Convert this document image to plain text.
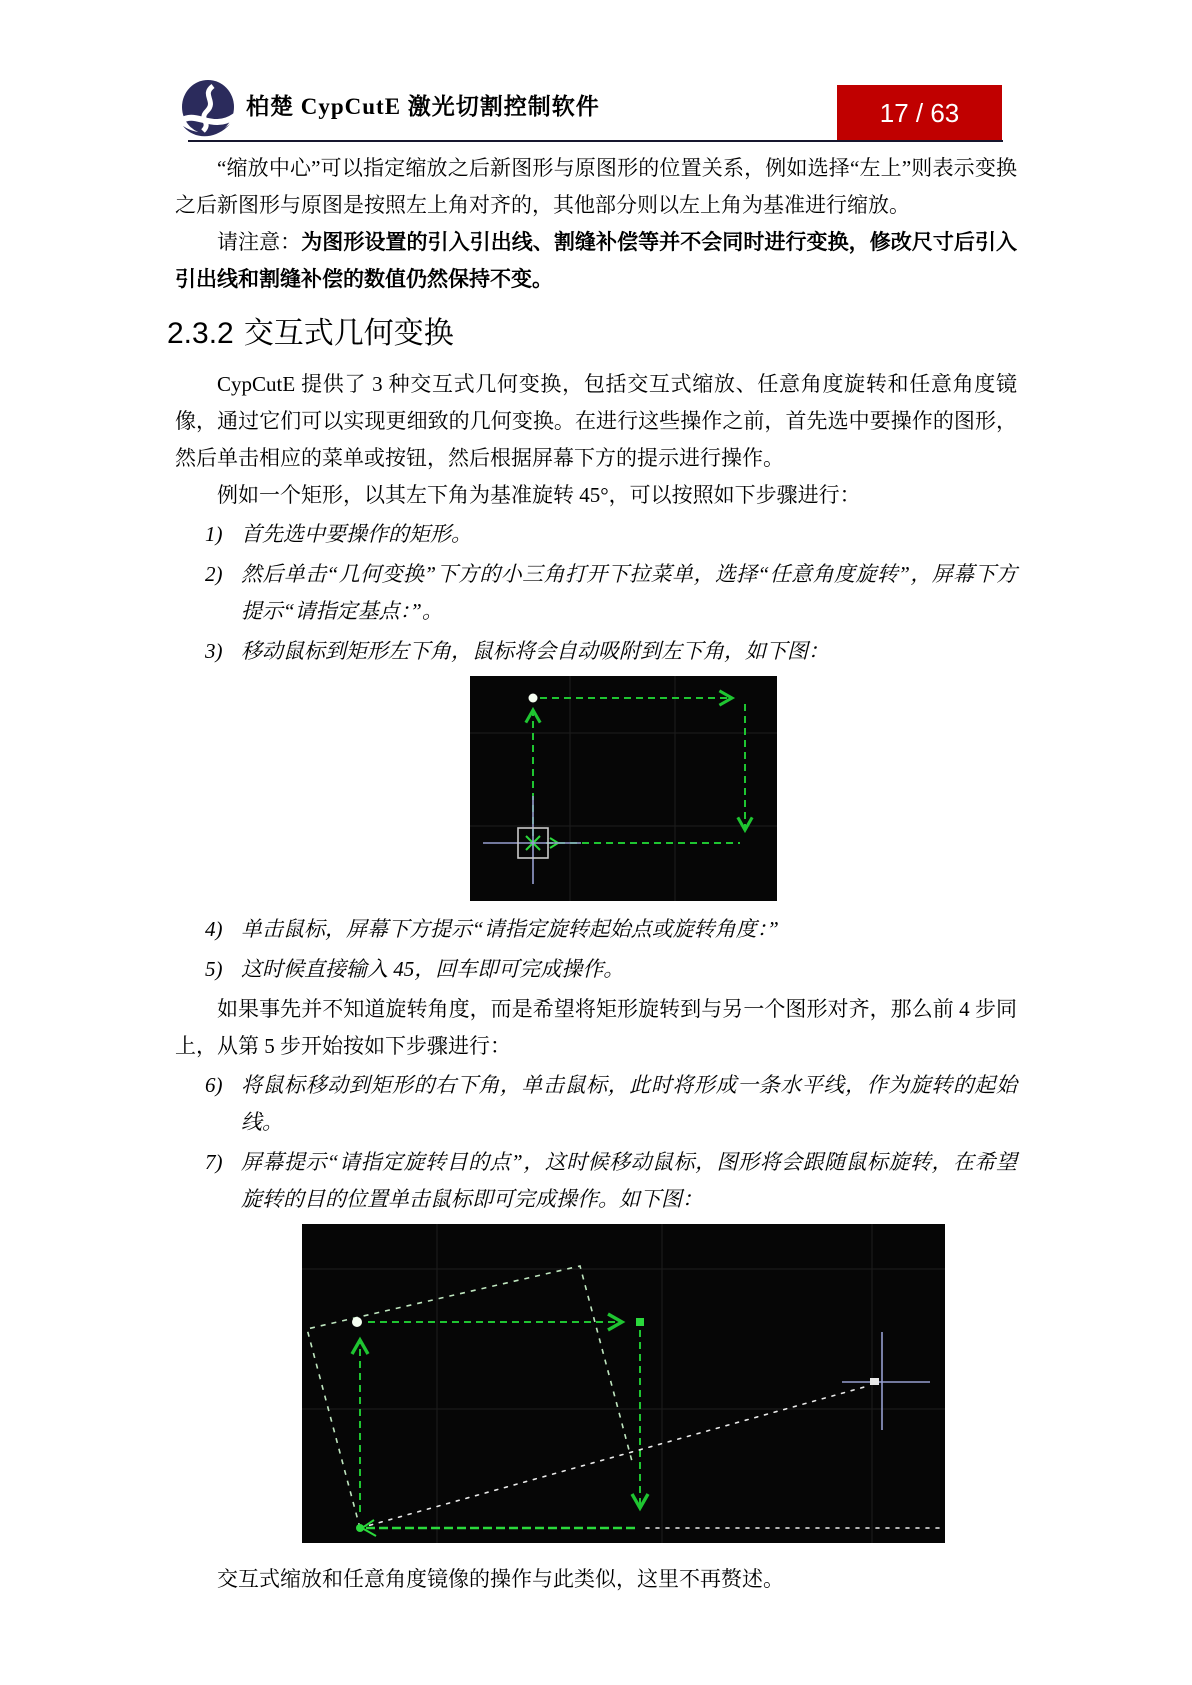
柏楚 CypCutE 激光切割控制软件	17 / 63

“缩放中心”可以指定缩放之后新图形与原图形的位置关系，例如选择“左上”则表示变换之后新图形与原图是按照左上角对齐的，其他部分则以左上角为基准进行缩放。

请注意：为图形设置的引入引出线、割缝补偿等并不会同时进行变换，修改尺寸后引入引出线和割缝补偿的数值仍然保持不变。

2.3.2 交互式几何变换

CypCutE 提供了 3 种交互式几何变换，包括交互式缩放、任意角度旋转和任意角度镜像，通过它们可以实现更细致的几何变换。在进行这些操作之前，首先选中要操作的图形，然后单击相应的菜单或按钮，然后根据屏幕下方的提示进行操作。

例如一个矩形，以其左下角为基准旋转 45°，可以按照如下步骤进行：

1) 首先选中要操作的矩形。
2) 然后单击“几何变换”下方的小三角打开下拉菜单，选择“任意角度旋转”，屏幕下方提示“请指定基点：”。
3) 移动鼠标到矩形左下角，鼠标将会自动吸附到左下角，如下图：
4) 单击鼠标，屏幕下方提示“请指定旋转起始点或旋转角度：”
5) 这时候直接输入 45，回车即可完成操作。

如果事先并不知道旋转角度，而是希望将矩形旋转到与另一个图形对齐，那么前 4 步同上，从第 5 步开始按如下步骤进行：

6) 将鼠标移动到矩形的右下角，单击鼠标，此时将形成一条水平线，作为旋转的起始线。
7) 屏幕提示“请指定旋转目的点”，这时候移动鼠标，图形将会跟随鼠标旋转，在希望旋转的目的位置单击鼠标即可完成操作。如下图：

交互式缩放和任意角度镜像的操作与此类似，这里不再赘述。
